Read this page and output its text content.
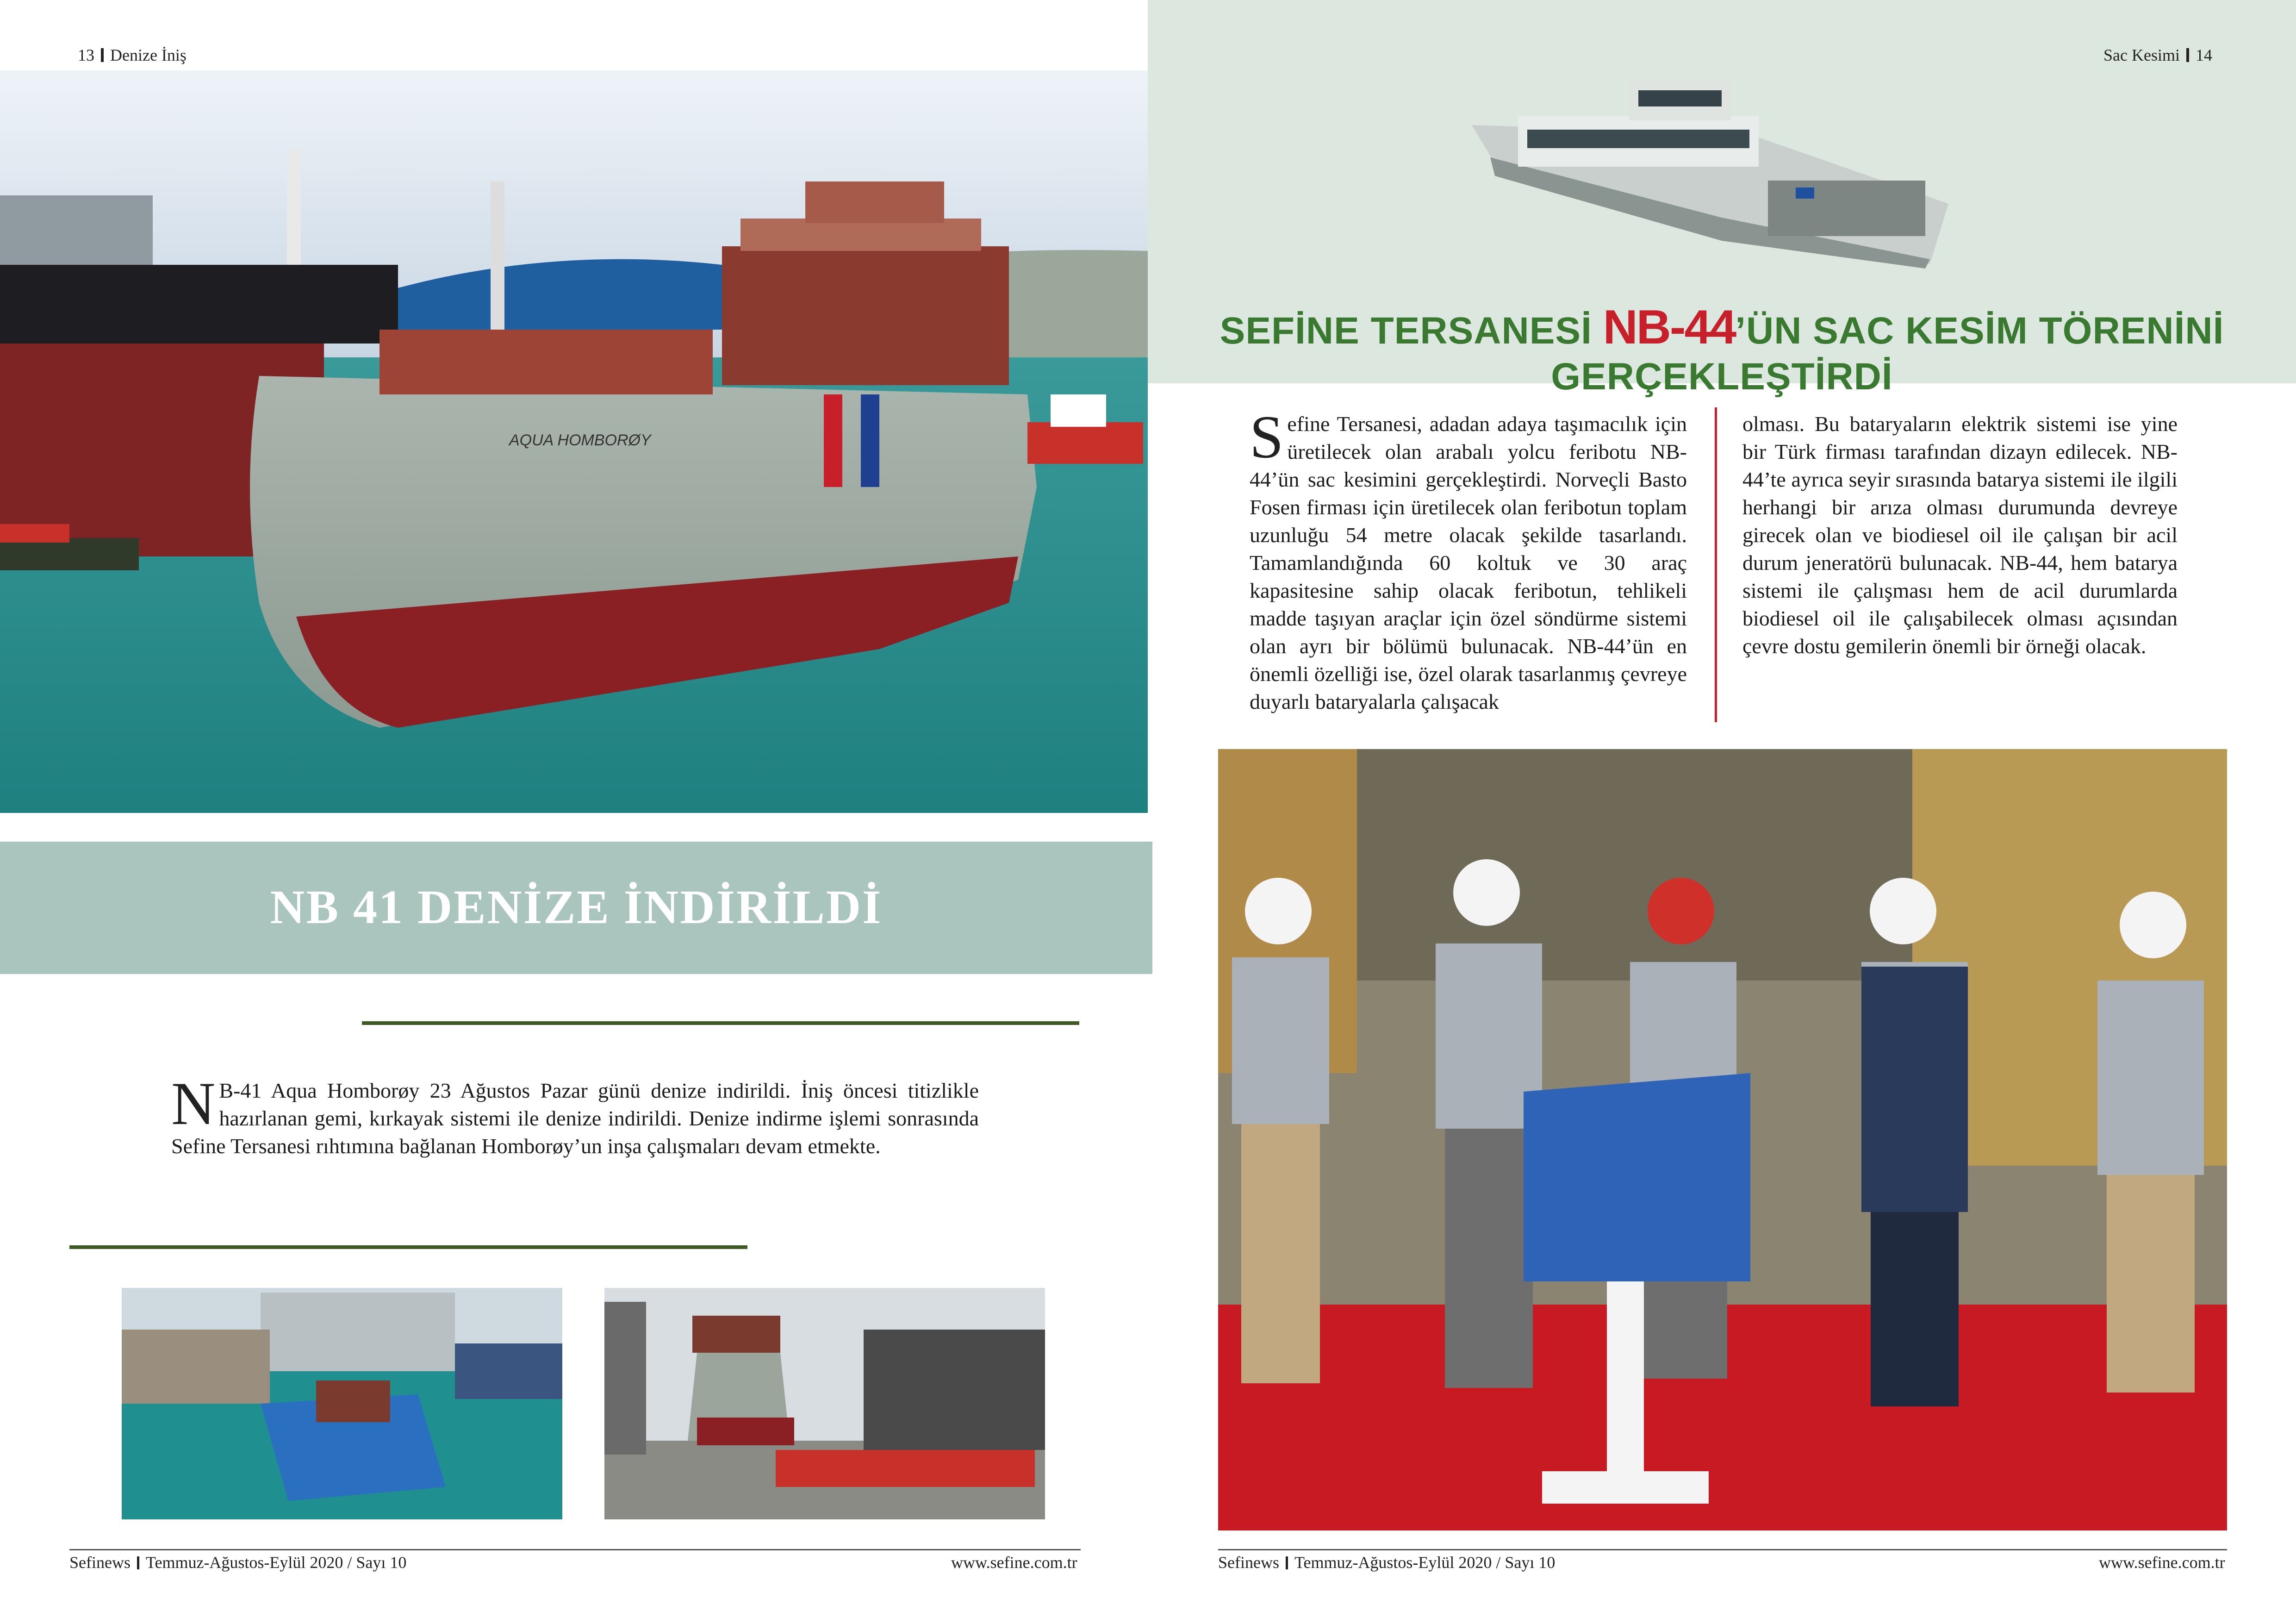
13 Denize İniş
AQUA HOMBORØY
NB 41 DENİZE İNDİRİLDİ
N B-41 Aqua Homborøy 23 Ağustos Pazar günü denize indirildi. İniş öncesi titizlikle hazırlanan gemi, kırkayak sistemi ile denize indirildi. Denize indirme işlemi sonrasında Sefine Tersanesi rıhtımına bağlanan Homborøy’un inşa çalışmaları devam etmekte.
Sefinews Temmuz-Ağustos-Eylül 2020 / Sayı 10	www.sefine.com.tr
Sac Kesimi 14
SEFİNE TERSANESİ NB-44’ÜN SAC KESİM TÖRENİNİ GERÇEKLEŞTİRDİ
Sefine Tersanesi, adadan adaya taşımacılık için üretilecek olan arabalı yolcu feribotu NB-44’ün sac kesimini gerçekleştirdi. Norveçli Basto Fosen firması için üretilecek olan feribotun toplam uzunluğu 54 metre olacak şekilde tasarlandı. Tamamlandığında 60 koltuk ve 30 araç kapasitesine sahip olacak feribotun, tehlikeli madde taşıyan araçlar için özel söndürme sistemi olan ayrı bir bölümü bulunacak. NB-44’ün en önemli özelliği ise, özel olarak tasarlanmış çevreye duyarlı bataryalarla çalışacak
olması. Bu bataryaların elektrik sistemi ise yine bir Türk firması tarafından dizayn edilecek. NB-44’te ayrıca seyir sırasında batarya sistemi ile ilgili herhangi bir arıza olması durumunda devreye girecek olan ve biodiesel oil ile çalışan bir acil durum jeneratörü bulunacak. NB-44, hem batarya sistemi ile çalışması hem de acil durumlarda biodiesel oil ile çalışabilecek olması açısından çevre dostu gemilerin önemli bir örneği olacak.
Sefinews Temmuz-Ağustos-Eylül 2020 / Sayı 10	www.sefine.com.tr
